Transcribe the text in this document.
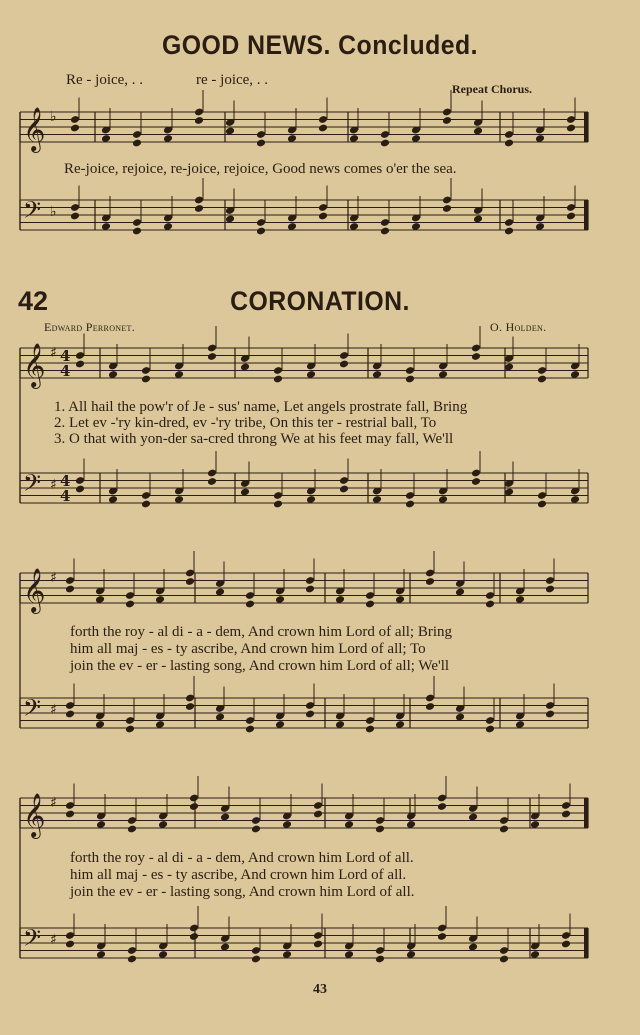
GOOD NEWS. Concluded.
Re - joice, . .	re - joice, . .
Repeat Chorus.
Re-joice, rejoice, re-joice, rejoice, Good news comes o'er the sea.
42	CORONATION.
Edward Perronet.	O. Holden.
1. All hail the pow'r of Je - sus' name, Let angels prostrate fall, Bring
2. Let ev -'ry kin-dred, ev -'ry tribe, On this ter - restrial ball, To
3. O that with yon-der sa-cred throng We at his feet may fall, We'll
forth the roy - al di - a - dem, And crown him Lord of all; Bring
him all maj - es - ty ascribe, And crown him Lord of all; To
join the ev - er - lasting song, And crown him Lord of all; We'll
forth the roy - al di - a - dem, And crown him Lord of all.
him all maj - es - ty ascribe, And crown him Lord of all.
join the ev - er - lasting song, And crown him Lord of all.
43
𝄞 ♭
𝄢 ♭
𝄞 ♯ 4
4
𝄢 ♯ 4
4
𝄞 ♯
𝄢 ♯
𝄞 ♯
𝄢 ♯
